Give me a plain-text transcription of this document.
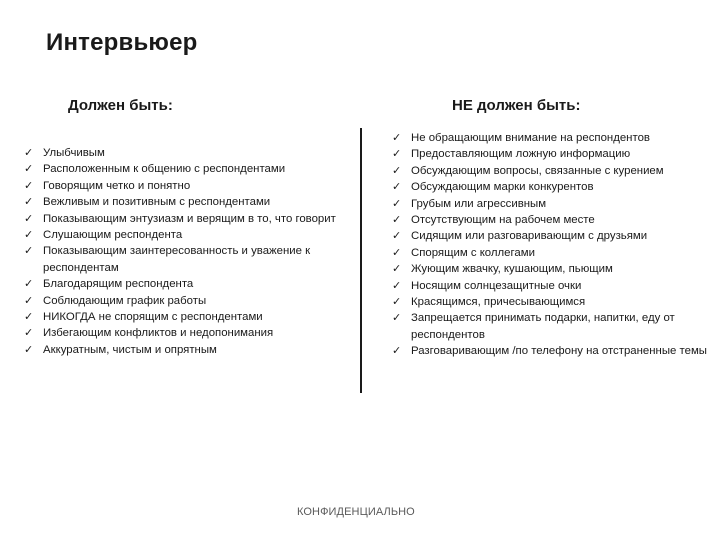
Интервьюер
Должен быть:	НЕ должен быть:
✓ Улыбчивым
✓ Расположенным к общению с респондентами
✓ Говорящим четко и понятно
✓ Вежливым и позитивным с респондентами
✓ Показывающим энтузиазм и верящим в то, что говорит
✓ Слушающим респондента
✓ Показывающим заинтересованность и уважение к респондентам
✓ Благодарящим респондента
✓ Соблюдающим график работы
✓ НИКОГДА не спорящим с респондентами
✓ Избегающим конфликтов и недопонимания
✓ Аккуратным, чистым и опрятным
✓ Не обращающим внимание на респондентов
✓ Предоставляющим ложную информацию
✓ Обсуждающим вопросы, связанные с курением
✓ Обсуждающим марки конкурентов
✓ Грубым или агрессивным
✓ Отсутствующим на рабочем месте
✓ Сидящим или разговаривающим с друзьями
✓ Спорящим с коллегами
✓ Жующим жвачку, кушающим, пьющим
✓ Носящим солнцезащитные очки
✓ Красящимся, причесывающимся
✓ Запрещается принимать подарки, напитки, еду от респондентов
✓ Разговаривающим /по телефону на отстраненные темы

КОНФИДЕНЦИАЛЬНО
